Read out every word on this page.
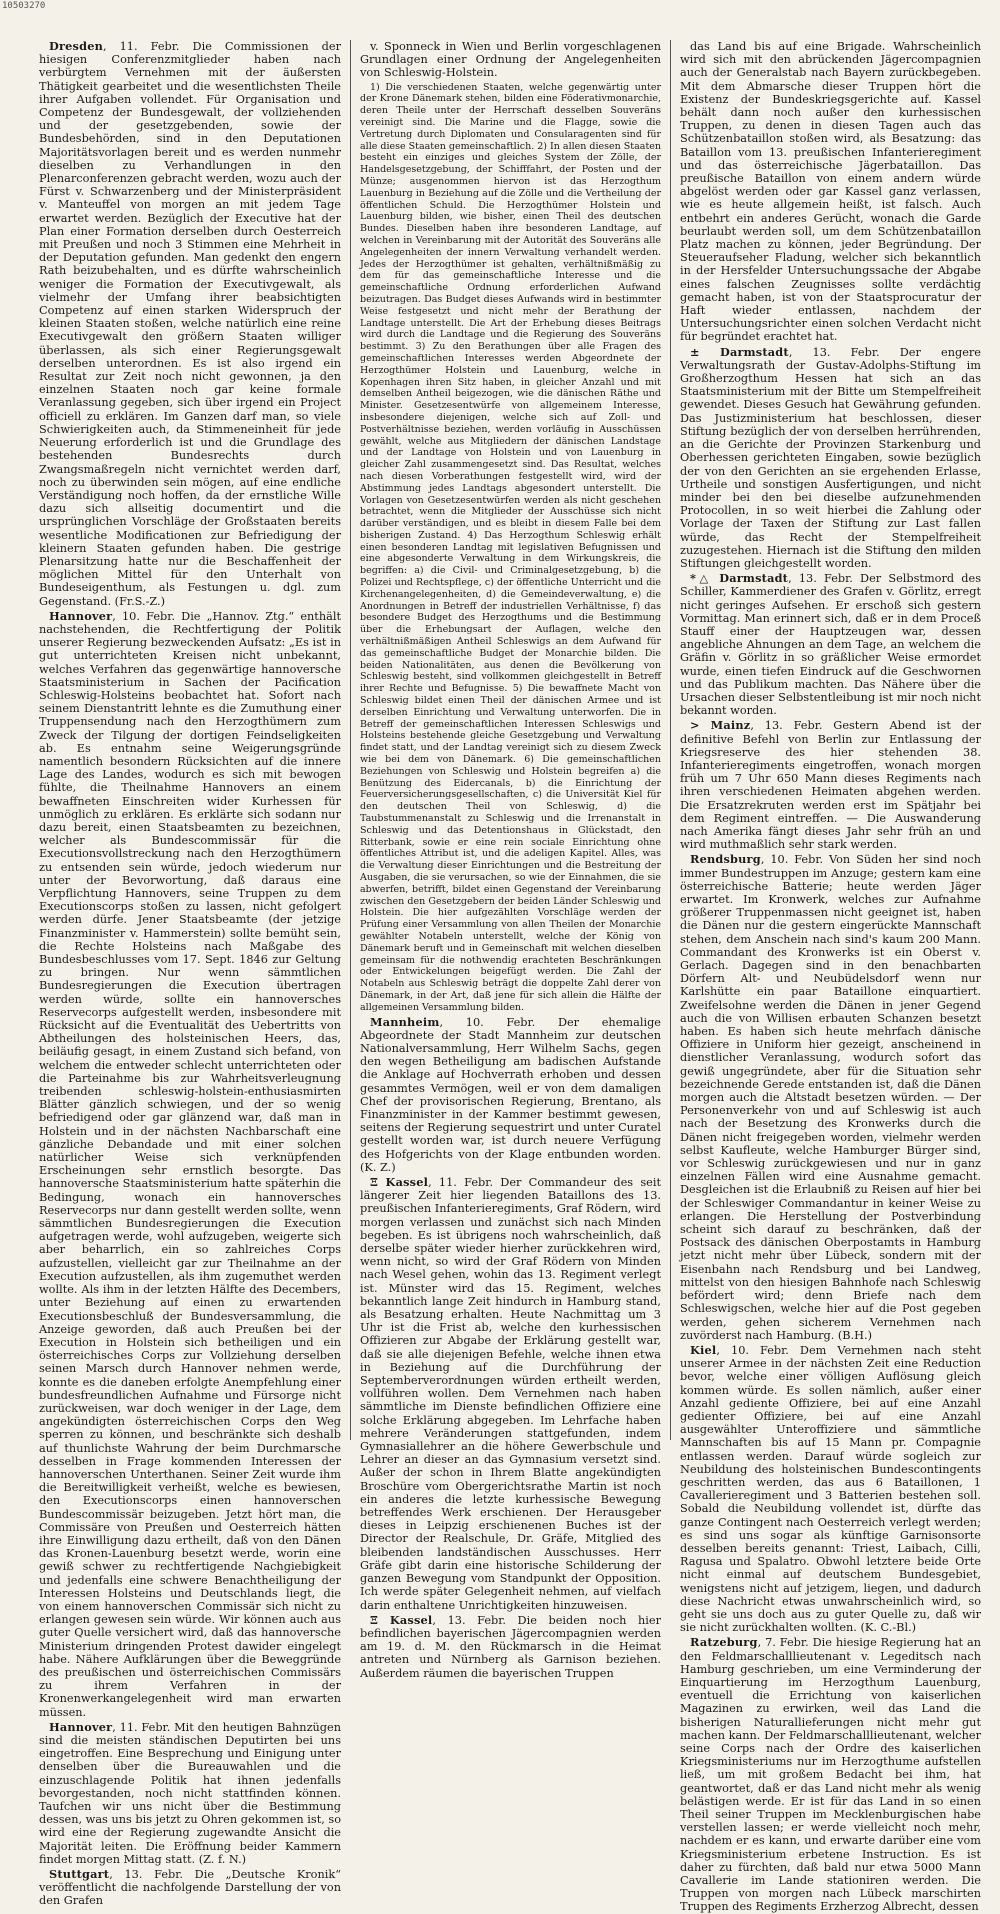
10503270

Dresden, 11. Febr. Die Commissionen der hiesigen Conferenzmitglieder haben nach verbürgtem Vernehmen mit der äußersten Thätigkeit gearbeitet und die wesentlichsten Theile ihrer Aufgaben vollendet. Für Organisation und Competenz der Bundesgewalt, der vollziehenden und der gesetzgebenden, sowie der Bundesbehörden, sind in den Deputationen Majoritätsvorlagen bereit und es werden nunmehr dieselben zu Verhandlungen in den Plenarconferenzen gebracht werden, wozu auch der Fürst v. Schwarzenberg und der Ministerpräsident v. Manteuffel von morgen an mit jedem Tage erwartet werden. Bezüglich der Executive hat der Plan einer Formation derselben durch Oesterreich mit Preußen und noch 3 Stimmen eine Mehrheit in der Deputation gefunden. Man gedenkt den engern Rath beizubehalten, und es dürfte wahrscheinlich weniger die Formation der Executivgewalt, als vielmehr der Umfang ihrer beabsichtigten Competenz auf einen starken Widerspruch der kleinen Staaten stoßen, welche natürlich eine reine Executivgewalt den größern Staaten williger überlassen, als sich einer Regierungsgewalt derselben unterordnen. Es ist also irgend ein Resultat zur Zeit noch nicht gewonnen, ja den einzelnen Staaten noch gar keine formale Veranlassung gegeben, sich über irgend ein Project officiell zu erklären. Im Ganzen darf man, so viele Schwierigkeiten auch, da Stimmeneinheit für jede Neuerung erforderlich ist und die Grundlage des bestehenden Bundesrechts durch Zwangsmaßregeln nicht vernichtet werden darf, noch zu überwinden sein mögen, auf eine endliche Verständigung noch hoffen, da der ernstliche Wille dazu sich allseitig documentirt und die ursprünglichen Vorschläge der Großstaaten bereits wesentliche Modificationen zur Befriedigung der kleinern Staaten gefunden haben. Die gestrige Plenarsitzung hatte nur die Beschaffenheit der möglichen Mittel für den Unterhalt von Bundeseigenthum, als Festungen u. dgl. zum Gegenstand. (Fr.S.-Z.)

Hannover, 10. Febr. Die „Hannov. Ztg.“ enthält nachstehenden, die Rechtfertigung der Politik unserer Regierung bezweckenden Aufsatz: „Es ist in gut unterrichteten Kreisen nicht unbekannt, welches Verfahren das gegenwärtige hannoversche Staatsministerium in Sachen der Pacification Schleswig-Holsteins beobachtet hat. Sofort nach seinem Dienstantritt lehnte es die Zumuthung einer Truppensendung nach den Herzogthümern zum Zweck der Tilgung der dortigen Feindseligkeiten ab. Es entnahm seine Weigerungsgründe namentlich besondern Rücksichten auf die innere Lage des Landes, wodurch es sich mit bewogen fühlte, die Theilnahme Hannovers an einem bewaffneten Einschreiten wider Kurhessen für unmöglich zu erklären. Es erklärte sich sodann nur dazu bereit, einen Staatsbeamten zu bezeichnen, welcher als Bundescommissär für die Executionsvollstreckung nach den Herzogthümern zu entsenden sein würde, jedoch wiederum nur unter der Bevorwortung, daß daraus eine Verpflichtung Hannovers, seine Truppen zu dem Executionscorps stoßen zu lassen, nicht gefolgert werden dürfe. Jener Staatsbeamte (der jetzige Finanzminister v. Hammerstein) sollte bemüht sein, die Rechte Holsteins nach Maßgabe des Bundesbeschlusses vom 17. Sept. 1846 zur Geltung zu bringen. Nur wenn sämmtlichen Bundesregierungen die Execution übertragen werden würde, sollte ein hannoversches Reservecorps aufgestellt werden, insbesondere mit Rücksicht auf die Eventualität des Uebertritts von Abtheilungen des holsteinischen Heers, das, beiläufig gesagt, in einem Zustand sich befand, von welchem die entweder schlecht unterrichteten oder die Parteinahme bis zur Wahrheitsverleugnung treibenden schleswig-holstein-enthusiasmirten Blätter gänzlich schwiegen, und der so wenig befriedigend oder gar glänzend war, daß man in Holstein und in der nächsten Nachbarschaft eine gänzliche Debandade und mit einer solchen natürlicher Weise sich verknüpfenden Erscheinungen sehr ernstlich besorgte. Das hannoversche Staatsministerium hatte späterhin die Bedingung, wonach ein hannoversches Reservecorps nur dann gestellt werden sollte, wenn sämmtlichen Bundesregierungen die Execution aufgetragen werde, wohl aufzugeben, weigerte sich aber beharrlich, ein so zahlreiches Corps aufzustellen, vielleicht gar zur Theilnahme an der Execution aufzustellen, als ihm zugemuthet werden wollte. Als ihm in der letzten Hälfte des Decembers, unter Beziehung auf einen zu erwartenden Executionsbeschluß der Bundesversammlung, die Anzeige geworden, daß auch Preußen bei der Execution in Holstein sich betheiligen und ein österreichisches Corps zur Vollziehung derselben seinen Marsch durch Hannover nehmen werde, konnte es die daneben erfolgte Anempfehlung einer bundesfreundlichen Aufnahme und Fürsorge nicht zurückweisen, war doch weniger in der Lage, dem angekündigten österreichischen Corps den Weg sperren zu können, und beschränkte sich deshalb auf thunlichste Wahrung der beim Durchmarsche desselben in Frage kommenden Interessen der hannoverschen Unterthanen. Seiner Zeit wurde ihm die Bereitwilligkeit verheißt, welche es bewiesen, den Executionscorps einen hannoverschen Bundescommissär beizugeben. Jetzt hört man, die Commissäre von Preußen und Oesterreich hätten ihre Einwilligung dazu ertheilt, daß von den Dänen das Kronen-Lauenburg besetzt werde, worin eine gewiß schwer zu rechtfertigende Nachgiebigkeit und jedenfalls eine schwere Benachtheiligung der Interessen Holsteins und Deutschlands liegt, die von einem hannoverschen Commissär sich nicht zu erlangen gewesen sein würde. Wir können auch aus guter Quelle versichert wird, daß das hannoversche Ministerium dringenden Protest dawider eingelegt habe. Nähere Aufklärungen über die Beweggründe des preußischen und österreichischen Commissärs zu ihrem Verfahren in der Kronenwerkangelegenheit wird man erwarten müssen.

Hannover, 11. Febr. Mit den heutigen Bahnzügen sind die meisten ständischen Deputirten bei uns eingetroffen. Eine Besprechung und Einigung unter denselben über die Bureauwahlen und die einzuschlagende Politik hat ihnen jedenfalls bevorgestanden, noch nicht stattfinden können. Taufchen wir uns nicht über die Bestimmung dessen, was uns bis jetzt zu Ohren gekommen ist, so wird eine der Regierung zugewandte Ansicht die Majorität leiten. Die Eröffnung beider Kammern findet morgen Mittag statt. (Z. f. N.)

Stuttgart, 13. Febr. Die „Deutsche Kronik“ veröffentlicht die nachfolgende Darstellung der von den Grafen

v. Sponneck in Wien und Berlin vorgeschlagenen Grundlagen einer Ordnung der Angelegenheiten von Schleswig-Holstein.

1) Die verschiedenen Staaten, welche gegenwärtig unter der Krone Dänemark stehen, bilden eine Föderativmonarchie, deren Theile unter der Herrschaft desselben Souveräns vereinigt sind. Die Marine und die Flagge, sowie die Vertretung durch Diplomaten und Consularagenten sind für alle diese Staaten gemeinschaftlich. 2) In allen diesen Staaten besteht ein einziges und gleiches System der Zölle, der Handelsgesetzgebung, der Schifffahrt, der Posten und der Münze; ausgenommen hiervon ist das Herzogthum Lauenburg in Beziehung auf die Zölle und die Vertheilung der öffentlichen Schuld. Die Herzogthümer Holstein und Lauenburg bilden, wie bisher, einen Theil des deutschen Bundes. Dieselben haben ihre besonderen Landtage, auf welchen in Vereinbarung mit der Autorität des Souveräns alle Angelegenheiten der innern Verwaltung verhandelt werden. Jedes der Herzogthümer ist gehalten, verhältnißmäßig zu dem für das gemeinschaftliche Interesse und die gemeinschaftliche Ordnung erforderlichen Aufwand beizutragen. Das Budget dieses Aufwands wird in bestimmter Weise festgesetzt und nicht mehr der Berathung der Landtage unterstellt. Die Art der Erhebung dieses Beitrags wird durch die Landtage und die Regierung des Souveräns bestimmt. 3) Zu den Berathungen über alle Fragen des gemeinschaftlichen Interesses werden Abgeordnete der Herzogthümer Holstein und Lauenburg, welche in Kopenhagen ihren Sitz haben, in gleicher Anzahl und mit demselben Antheil beigezogen, wie die dänischen Räthe und Minister. Gesetzesentwürfe von allgemeinem Interesse, insbesondere diejenigen, welche sich auf Zoll- und Postverhältnisse beziehen, werden vorläufig in Ausschüssen gewählt, welche aus Mitgliedern der dänischen Landstage und der Landtage von Holstein und von Lauenburg in gleicher Zahl zusammengesetzt sind. Das Resultat, welches nach diesen Vorberathungen festgestellt wird, wird der Abstimmung jedes Landtags abgesondert unterstellt. Die Vorlagen von Gesetzesentwürfen werden als nicht geschehen betrachtet, wenn die Mitglieder der Ausschüsse sich nicht darüber verständigen, und es bleibt in diesem Falle bei dem bisherigen Zustand. 4) Das Herzogthum Schleswig erhält einen besonderen Landtag mit legislativen Befugnissen und eine abgesonderte Verwaltung in dem Wirkungskreis, die begriffen: a) die Civil- und Criminalgesetzgebung, b) die Polizei und Rechtspflege, c) der öffentliche Unterricht und die Kirchenangelegenheiten, d) die Gemeindeverwaltung, e) die Anordnungen in Betreff der industriellen Verhältnisse, f) das besondere Budget des Herzogthums und die Bestimmung über die Erhebungsart der Auflagen, welche den verhältnißmäßigen Antheil Schleswigs an dem Aufwand für das gemeinschaftliche Budget der Monarchie bilden. Die beiden Nationalitäten, aus denen die Bevölkerung von Schleswig besteht, sind vollkommen gleichgestellt in Betreff ihrer Rechte und Befugnisse. 5) Die bewaffnete Macht von Schleswig bildet einen Theil der dänischen Armee und ist derselben Einrichtung und Verwaltung unterworfen. Die in Betreff der gemeinschaftlichen Interessen Schleswigs und Holsteins bestehende gleiche Gesetzgebung und Verwaltung findet statt, und der Landtag vereinigt sich zu diesem Zweck wie bei dem von Dänemark. 6) Die gemeinschaftlichen Beziehungen von Schleswig und Holstein begreifen a) die Benützung des Eidercanals, b) die Einrichtung der Feuerversicherungsgesellschaften, c) die Universität Kiel für den deutschen Theil von Schleswig, d) die Taubstummenanstalt zu Schleswig und die Irrenanstalt in Schleswig und das Detentionshaus in Glückstadt, den Ritterbank, sowie er eine rein sociale Einrichtung ohne öffentliches Attribut ist, und die adeligen Kapitel. Alles, was die Verwaltung dieser Einrichtungen und die Bestreitung der Ausgaben, die sie verursachen, so wie der Einnahmen, die sie abwerfen, betrifft, bildet einen Gegenstand der Vereinbarung zwischen den Gesetzgebern der beiden Länder Schleswig und Holstein. Die hier aufgezählten Vorschläge werden der Prüfung einer Versammlung von allen Theilen der Monarchie gewählter Notabeln unterstellt, welche der König von Dänemark beruft und in Gemeinschaft mit welchen dieselben gemeinsam für die nothwendig erachteten Beschränkungen oder Entwickelungen beigefügt werden. Die Zahl der Notabeln aus Schleswig beträgt die doppelte Zahl derer von Dänemark, in der Art, daß jene für sich allein die Hälfte der allgemeinen Versammlung bilden.

Mannheim, 10. Febr. Der ehemalige Abgeordnete der Stadt Mannheim zur deutschen Nationalversammlung, Herr Wilhelm Sachs, gegen den wegen Betheiligung am badischen Aufstande die Anklage auf Hochverrath erhoben und dessen gesammtes Vermögen, weil er von dem damaligen Chef der provisorischen Regierung, Brentano, als Finanzminister in der Kammer bestimmt gewesen, seitens der Regierung sequestrirt und unter Curatel gestellt worden war, ist durch neuere Verfügung des Hofgerichts von der Klage entbunden worden. (K. Z.)

Ξ Kassel, 11. Febr. Der Commandeur des seit längerer Zeit hier liegenden Bataillons des 13. preußischen Infanterieregiments, Graf Rödern, wird morgen verlassen und zunächst sich nach Minden begeben. Es ist übrigens noch wahrscheinlich, daß derselbe später wieder hierher zurückkehren wird, wenn nicht, so wird der Graf Rödern von Minden nach Wesel gehen, wohin das 13. Regiment verlegt ist. Münster wird das 15. Regiment, welches bekanntlich lange Zeit hindurch in Hamburg stand, als Besatzung erhalten. Heute Nachmittag um 3 Uhr ist die Frist ab, welche den kurhessischen Offizieren zur Abgabe der Erklärung gestellt war, daß sie alle diejenigen Befehle, welche ihnen etwa in Beziehung auf die Durchführung der Septemberverordnungen würden ertheilt werden, vollführen wollen. Dem Vernehmen nach haben sämmtliche im Dienste befindlichen Offiziere eine solche Erklärung abgegeben. Im Lehrfache haben mehrere Veränderungen stattgefunden, indem Gymnasiallehrer an die höhere Gewerbschule und Lehrer an dieser an das Gymnasium versetzt sind. Außer der schon in Ihrem Blatte angekündigten Broschüre vom Obergerichtsrathe Martin ist noch ein anderes die letzte kurhessische Bewegung betreffendes Werk erschienen. Der Herausgeber dieses in Leipzig erschienenen Buches ist der Director der Realschule, Dr. Gräfe, Mitglied des bleibenden landständischen Ausschusses. Herr Gräfe gibt darin eine historische Schilderung der ganzen Bewegung vom Standpunkt der Opposition. Ich werde später Gelegenheit nehmen, auf vielfach darin enthaltene Unrichtigkeiten hinzuweisen.

Ξ Kassel, 13. Febr. Die beiden noch hier befindlichen bayerischen Jägercompagnien werden am 19. d. M. den Rückmarsch in die Heimat antreten und Nürnberg als Garnison beziehen. Außerdem räumen die bayerischen Truppen

das Land bis auf eine Brigade. Wahrscheinlich wird sich mit den abrückenden Jägercompagnien auch der Generalstab nach Bayern zurückbegeben. Mit dem Abmarsche dieser Truppen hört die Existenz der Bundeskriegsgerichte auf. Kassel behält dann noch außer den kurhessischen Truppen, zu denen in diesen Tagen auch das Schützenbataillon stoßen wird, als Besatzung: das Bataillon vom 13. preußischen Infanterieregiment und das österreichische Jägerbataillon. Das preußische Bataillon von einem andern würde abgelöst werden oder gar Kassel ganz verlassen, wie es heute allgemein heißt, ist falsch. Auch entbehrt ein anderes Gerücht, wonach die Garde beurlaubt werden soll, um dem Schützenbataillon Platz machen zu können, jeder Begründung. Der Steueraufseher Fladung, welcher sich bekanntlich in der Hersfelder Untersuchungssache der Abgabe eines falschen Zeugnisses sollte verdächtig gemacht haben, ist von der Staatsprocuratur der Haft wieder entlassen, nachdem der Untersuchungsrichter einen solchen Verdacht nicht für begründet erachtet hat.

± Darmstadt, 13. Febr. Der engere Verwaltungsrath der Gustav-Adolphs-Stiftung im Großherzogthum Hessen hat sich an das Staatsministerium mit der Bitte um Stempelfreiheit gewendet. Dieses Gesuch hat Gewährung gefunden. Das Justizministerium hat beschlossen, dieser Stiftung bezüglich der von derselben herrührenden, an die Gerichte der Provinzen Starkenburg und Oberhessen gerichteten Eingaben, sowie bezüglich der von den Gerichten an sie ergehenden Erlasse, Urtheile und sonstigen Ausfertigungen, und nicht minder bei den bei dieselbe aufzunehmenden Protocollen, in so weit hierbei die Zahlung oder Vorlage der Taxen der Stiftung zur Last fallen würde, das Recht der Stempelfreiheit zuzugestehen. Hiernach ist die Stiftung den milden Stiftungen gleichgestellt worden.

*△ Darmstadt, 13. Febr. Der Selbstmord des Schiller, Kammerdiener des Grafen v. Görlitz, erregt nicht geringes Aufsehen. Er erschoß sich gestern Vormittag. Man erinnert sich, daß er in dem Proceß Stauff einer der Hauptzeugen war, dessen angebliche Ahnungen an dem Tage, an welchem die Gräfin v. Görlitz in so gräßlicher Weise ermordet wurde, einen tiefen Eindruck auf die Geschwornen und das Publikum machten. Das Nähere über die Ursachen dieser Selbstentleibung ist mir noch nicht bekannt worden.

> Mainz, 13. Febr. Gestern Abend ist der definitive Befehl von Berlin zur Entlassung der Kriegsreserve des hier stehenden 38. Infanterieregiments eingetroffen, wonach morgen früh um 7 Uhr 650 Mann dieses Regiments nach ihren verschiedenen Heimaten abgehen werden. Die Ersatzrekruten werden erst im Spätjahr bei dem Regiment eintreffen. — Die Auswanderung nach Amerika fängt dieses Jahr sehr früh an und wird muthmaßlich sehr stark werden.

Rendsburg, 10. Febr. Von Süden her sind noch immer Bundestruppen im Anzuge; gestern kam eine österreichische Batterie; heute werden Jäger erwartet. Im Kronwerk, welches zur Aufnahme größerer Truppenmassen nicht geeignet ist, haben die Dänen nur die gestern eingerückte Mannschaft stehen, dem Anschein nach sind's kaum 200 Mann. Commandant des Kronwerks ist ein Oberst v. Gerlach. Dagegen sind in den benachbarten Dörfern Alt- und Neubüdelsdorf wenn nur Karlshütte ein paar Bataillone einquartiert. Zweifelsohne werden die Dänen in jener Gegend auch die von Willisen erbauten Schanzen besetzt haben. Es haben sich heute mehrfach dänische Offiziere in Uniform hier gezeigt, anscheinend in dienstlicher Veranlassung, wodurch sofort das gewiß ungegründete, aber für die Situation sehr bezeichnende Gerede entstanden ist, daß die Dänen morgen auch die Altstadt besetzen würden. — Der Personenverkehr von und auf Schleswig ist auch nach der Besetzung des Kronwerks durch die Dänen nicht freigegeben worden, vielmehr werden selbst Kaufleute, welche Hamburger Bürger sind, vor Schleswig zurückgewiesen und nur in ganz einzelnen Fällen wird eine Ausnahme gemacht. Desgleichen ist die Erlaubniß zu Reisen auf hier bei der Schleswiger Commandantur in keiner Weise zu erlangen. Die Herstellung der Postverbindung scheint sich darauf zu beschränken, daß der Postsack des dänischen Oberpostamts in Hamburg jetzt nicht mehr über Lübeck, sondern mit der Eisenbahn nach Rendsburg und bei Landweg, mittelst von den hiesigen Bahnhofe nach Schleswig befördert wird; denn Briefe nach dem Schleswigschen, welche hier auf die Post gegeben werden, gehen sicherem Vernehmen nach zuvörderst nach Hamburg. (B.H.)

Kiel, 10. Febr. Dem Vernehmen nach steht unserer Armee in der nächsten Zeit eine Reduction bevor, welche einer völligen Auflösung gleich kommen würde. Es sollen nämlich, außer einer Anzahl gediente Offiziere, bei auf eine Anzahl gedienter Offiziere, bei auf eine Anzahl ausgewählter Unteroffiziere und sämmtliche Mannschaften bis auf 15 Mann pr. Compagnie entlassen werden. Darauf würde sogleich zur Neubildung des holsteinischen Bundescontingents geschritten werden, das aus 6 Bataillonen, 1 Cavallerieregiment und 3 Batterien bestehen soll. Sobald die Neubildung vollendet ist, dürfte das ganze Contingent nach Oesterreich verlegt werden; es sind uns sogar als künftige Garnisonsorte desselben bereits genannt: Triest, Laibach, Cilli, Ragusa und Spalatro. Obwohl letztere beide Orte nicht einmal auf deutschem Bundesgebiet, wenigstens nicht auf jetzigem, liegen, und dadurch diese Nachricht etwas unwahrscheinlich wird, so geht sie uns doch aus zu guter Quelle zu, daß wir sie nicht zurückhalten wollten. (K. C.-Bl.)

Ratzeburg, 7. Febr. Die hiesige Regierung hat an den Feldmarschalllieutenant v. Legeditsch nach Hamburg geschrieben, um eine Verminderung der Einquartierung im Herzogthum Lauenburg, eventuell die Errichtung von kaiserlichen Magazinen zu erwirken, weil das Land die bisherigen Naturallieferungen nicht mehr gut machen kann. Der Feldmarschalllieutenant, welcher seine Corps nach der Ordre des kaiserlichen Kriegsministeriums nur im Herzogthume aufstellen ließ, um mit großem Bedacht bei ihm, hat geantwortet, daß er das Land nicht mehr als wenig belästigen werde. Er ist für das Land in so einen Theil seiner Truppen im Mecklenburgischen habe verstellen lassen; er werde vielleicht noch mehr, nachdem er es kann, und erwarte darüber eine vom Kriegsministerium erbetene Instruction. Es ist daher zu fürchten, daß bald nur etwa 5000 Mann Cavallerie im Lande stationiren werden. Die Truppen von morgen nach Lübeck marschirten Truppen des Regiments Erzherzog Albrecht, dessen
